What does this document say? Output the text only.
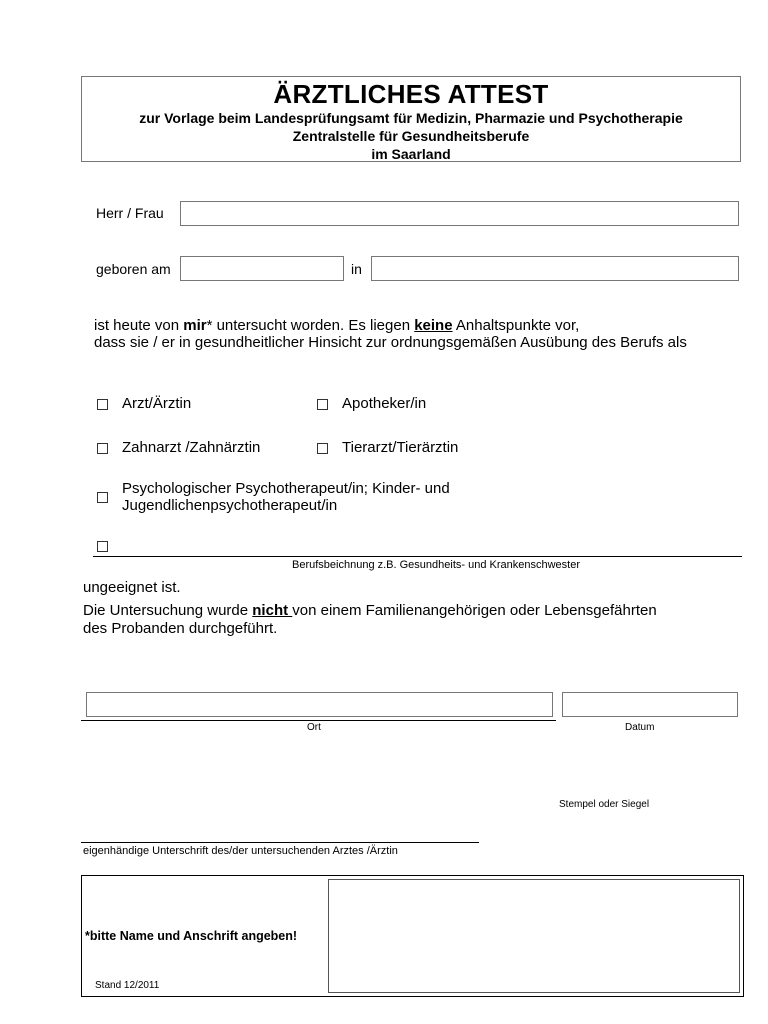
ÄRZTLICHES ATTEST
zur Vorlage beim Landesprüfungsamt für Medizin, Pharmazie und Psychotherapie
Zentralstelle für Gesundheitsberufe
im Saarland
Herr / Frau
geboren am	in
ist heute von mir* untersucht worden. Es liegen keine Anhaltspunkte vor,
dass sie / er in gesundheitlicher Hinsicht zur ordnungsgemäßen Ausübung des Berufs als
Arzt/Ärztin	Apotheker/in
Zahnarzt /Zahnärztin	Tierarzt/Tierärztin
Psychologischer Psychotherapeut/in; Kinder- und
Jugendlichenpsychotherapeut/in
Berufsbeichnung z.B. Gesundheits- und Krankenschwester
ungeeignet ist.
Die Untersuchung wurde nicht von einem Familienangehörigen oder Lebensgefährten
des Probanden durchgeführt.
Ort	Datum
Stempel oder Siegel
eigenhändige Unterschrift des/der untersuchenden Arztes /Ärztin
*bitte Name und Anschrift angeben!
Stand 12/2011
